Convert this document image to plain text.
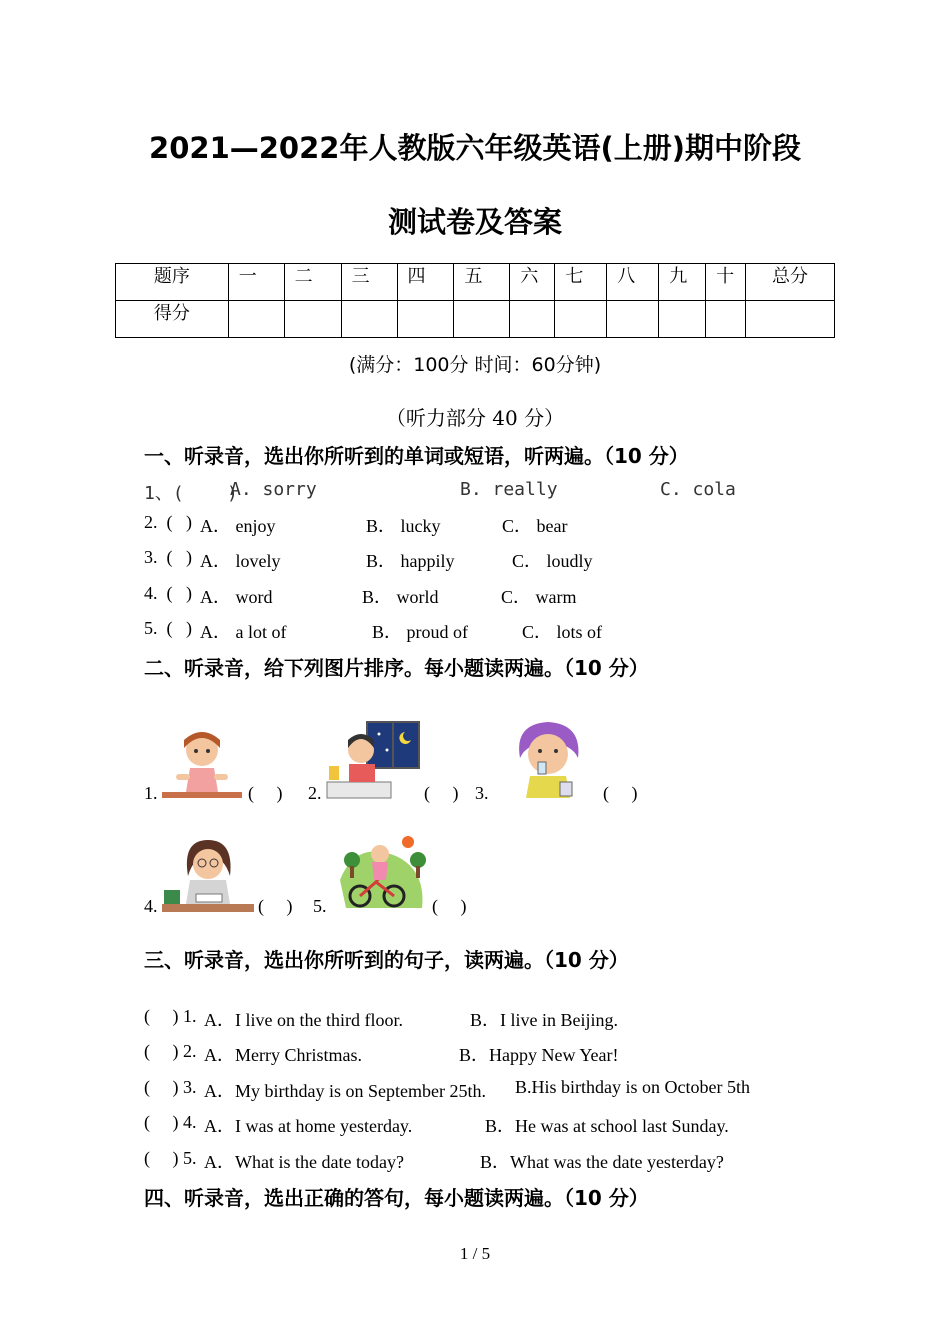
2021—2022年人教版六年级英语(上册)期中阶段
测试卷及答案
题序	一	二	三	四	五	六	七	八	九	十	总分
得分											
(满分：100分 时间：60分钟)
（听力部分 40 分）
一、听录音，选出你所听到的单词或短语，听两遍。（10 分）
1、(    )
A. sorry	B. really	C. cola
2.  (   ) A． enjoy	B． lucky	C． bear
3.  (   ) A． lovely	B． happily	C． loudly
4.  (   ) A． word	B． world	C． warm
5.  (   ) A． a lot of	B． proud of	C． lots of
二、听录音，给下列图片排序。每小题读两遍。（10 分）
1.	(     ) 2.	(     ) 3.	(     )
4.	(     ) 5.	(     )
三、听录音，选出你所听到的句子，读两遍。（10 分）
(     ) 1. A．I live on the third floor.	B．I live in Beijing.
(     ) 2. A．Merry Christmas.	B．Happy New Year!
(     ) 3. A．My birthday is on September 25th. B.His birthday is on October 5th
(     ) 4. A．I was at home yesterday.	B．He was at school last Sunday.
(     ) 5. A．What is the date today?	B．What was the date yesterday?
四、听录音，选出正确的答句，每小题读两遍。（10 分）
1 / 5
